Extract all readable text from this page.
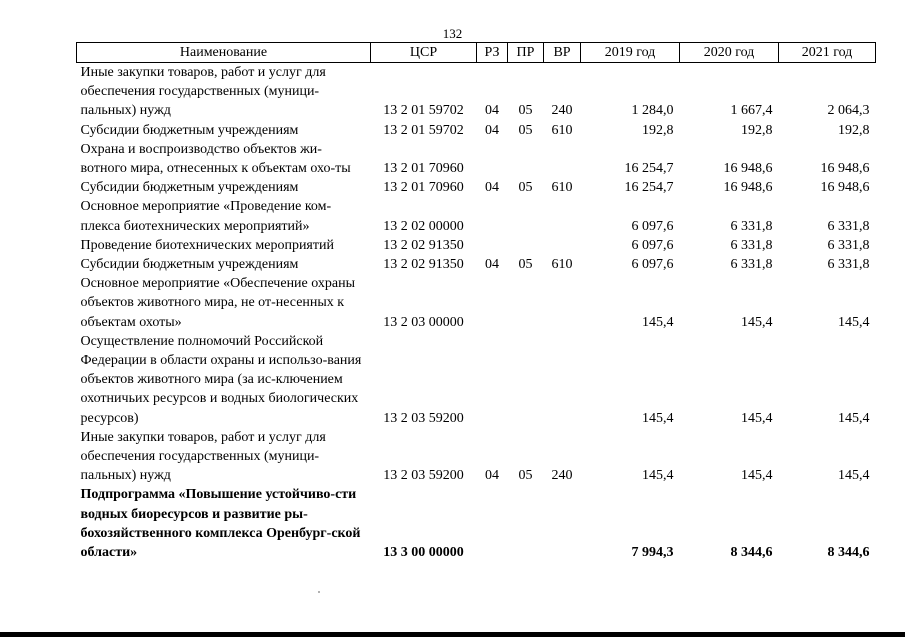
132
Наименование	ЦСР	РЗ	ПР	ВР	2019 год	2020 год	2021 год
Иные закупки товаров, работ и услуг для обеспечения государственных (муници-пальных) нужд	13 2 01 59702	04	05	240	1 284,0	1 667,4	2 064,3
Субсидии бюджетным учреждениям	13 2 01 59702	04	05	610	192,8	192,8	192,8
Охрана и воспроизводство объектов жи-вотного мира, отнесенных к объектам охо-ты	13 2 01 70960				16 254,7	16 948,6	16 948,6
Субсидии бюджетным учреждениям	13 2 01 70960	04	05	610	16 254,7	16 948,6	16 948,6
Основное мероприятие «Проведение ком-плекса биотехнических мероприятий»	13 2 02 00000				6 097,6	6 331,8	6 331,8
Проведение биотехнических мероприятий	13 2 02 91350				6 097,6	6 331,8	6 331,8
Субсидии бюджетным учреждениям	13 2 02 91350	04	05	610	6 097,6	6 331,8	6 331,8
Основное мероприятие «Обеспечение охраны объектов животного мира, не от-несенных к объектам охоты»	13 2 03 00000				145,4	145,4	145,4
Осуществление полномочий Российской Федерации в области охраны и использо-вания объектов животного мира (за ис-ключением охотничьих ресурсов и водных биологических ресурсов)	13 2 03 59200				145,4	145,4	145,4
Иные закупки товаров, работ и услуг для обеспечения государственных (муници-пальных) нужд	13 2 03 59200	04	05	240	145,4	145,4	145,4
Подпрограмма «Повышение устойчиво-сти водных биоресурсов и развитие ры-бохозяйственного комплекса Оренбург-ской области»	13 3 00 00000				7 994,3	8 344,6	8 344,6
